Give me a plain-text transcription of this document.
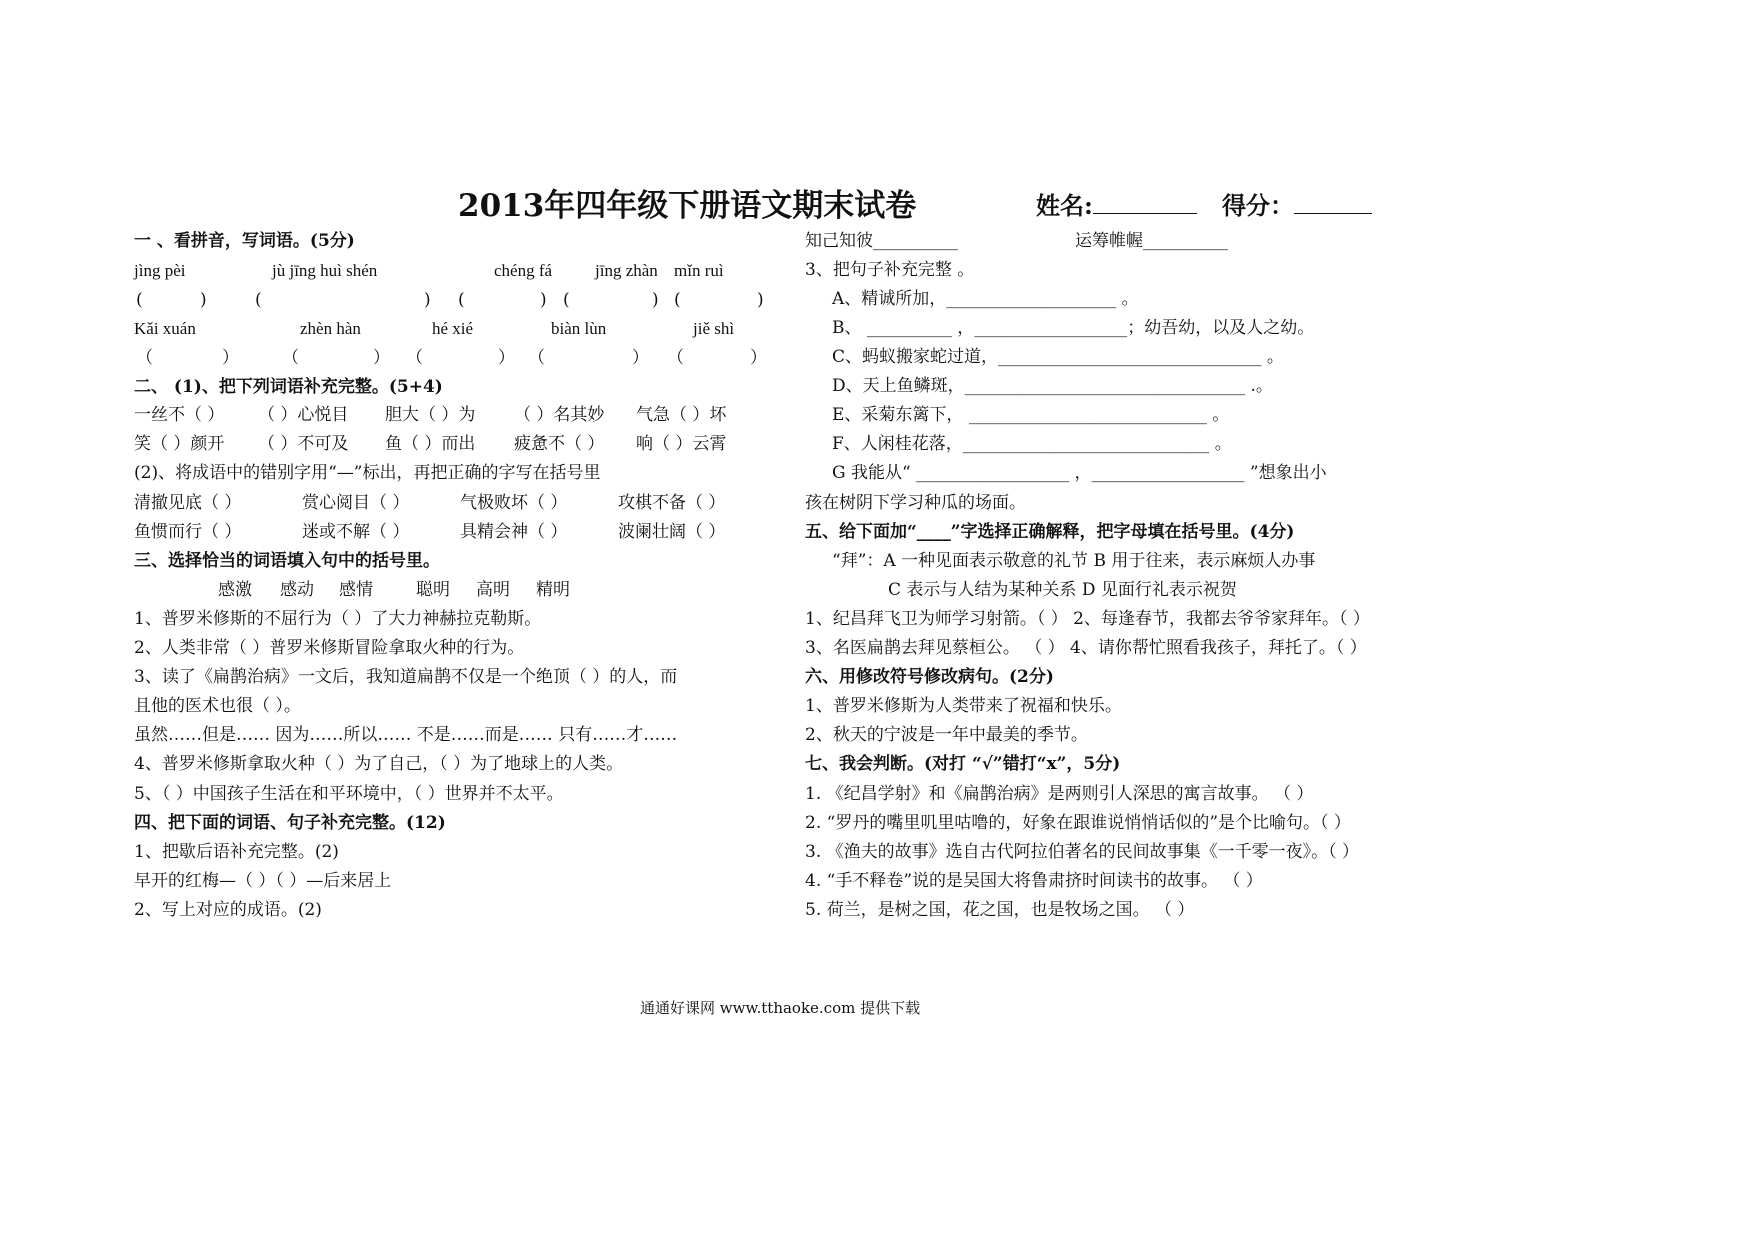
2013年四年级下册语文期末试卷	姓名:	得分：
一 、看拼音，写词语。(5分)
jìng pèi	jù jīng huì shén	chéng fá	jīng zhàn mǐn ruì
(	)	(	) (	) (	) (	)
Kǎi xuán	zhèn hàn	hé xié	biàn lùn	jiě shì
（	）	（	） （	） （	） （	）
二、 (1)、把下列词语补充完整。(5+4)
一丝不（ ） （ ）心悦目 胆大（ ）为 （ ）名其妙 气急（ ）坏
笑（ ）颜开 （ ）不可及 鱼（ ）而出 疲惫不（ ） 响（ ）云霄
(2)、将成语中的错别字用“—”标出，再把正确的字写在括号里
清撤见底（ ）	赏心阅目（ ）	气极败坏（ ）	攻棋不备（ ）
鱼惯而行（ ）	迷或不解（ ）	具精会神（ ）	波阑壮阔（ ）
三、选择恰当的词语填入句中的括号里。
感激 感动 感情	聪明 高明 精明
1、普罗米修斯的不屈行为（ ）了大力神赫拉克勒斯。
2、人类非常（ ）普罗米修斯冒险拿取火种的行为。
3、读了《扁鹊治病》一文后，我知道扁鹊不仅是一个绝顶（ ）的人，而
且他的医术也很（ ）。
虽然……但是…… 因为……所以…… 不是……而是…… 只有……才……
4、普罗米修斯拿取火种（ ）为了自己，（ ）为了地球上的人类。
5、（ ）中国孩子生活在和平环境中，（ ）世界并不太平。
四、把下面的词语、句子补充完整。(12)
1、把歇后语补充完整。(2)
早开的红梅—（ ）（ ）—后来居上
2、写上对应的成语。(2)
知己知彼__________	运筹帷幄__________
3、把句子补充完整 。
A、精诚所加，____________________ 。
B、 __________ ，__________________；幼吾幼，以及人之幼。
C、蚂蚁搬家蛇过道，_______________________________ 。
D、天上鱼鳞斑，_________________________________ .。
E、采菊东篱下， ____________________________ 。
F、人闲桂花落，_____________________________ 。
G 我能从“ __________________ ，__________________ ”想象出小
孩在树阴下学习种瓜的场面。
五、给下面加“____”字选择正确解释，把字母填在括号里。(4分)
“拜”：A 一种见面表示敬意的礼节 B 用于往来，表示麻烦人办事
C 表示与人结为某种关系 D 见面行礼表示祝贺
1、纪昌拜飞卫为师学习射箭。（ ） 2、每逢春节，我都去爷爷家拜年。（ ）
3、名医扁鹊去拜见蔡桓公。 （ ） 4、请你帮忙照看我孩子，拜托了。（ ）
六、用修改符号修改病句。(2分)
1、普罗米修斯为人类带来了祝福和快乐。
2、秋天的宁波是一年中最美的季节。
七、我会判断。(对打 “√”错打“x”，5分)
1. 《纪昌学射》和《扁鹊治病》是两则引人深思的寓言故事。 （ ）
2. “罗丹的嘴里叽里咕噜的，好象在跟谁说悄悄话似的”是个比喻句。（ ）
3. 《渔夫的故事》选自古代阿拉伯著名的民间故事集《一千零一夜》。（ ）
4. “手不释卷”说的是吴国大将鲁肃挤时间读书的故事。 （ ）
5. 荷兰，是树之国，花之国，也是牧场之国。 （ ）
通通好课网 www.tthaoke.com 提供下载
